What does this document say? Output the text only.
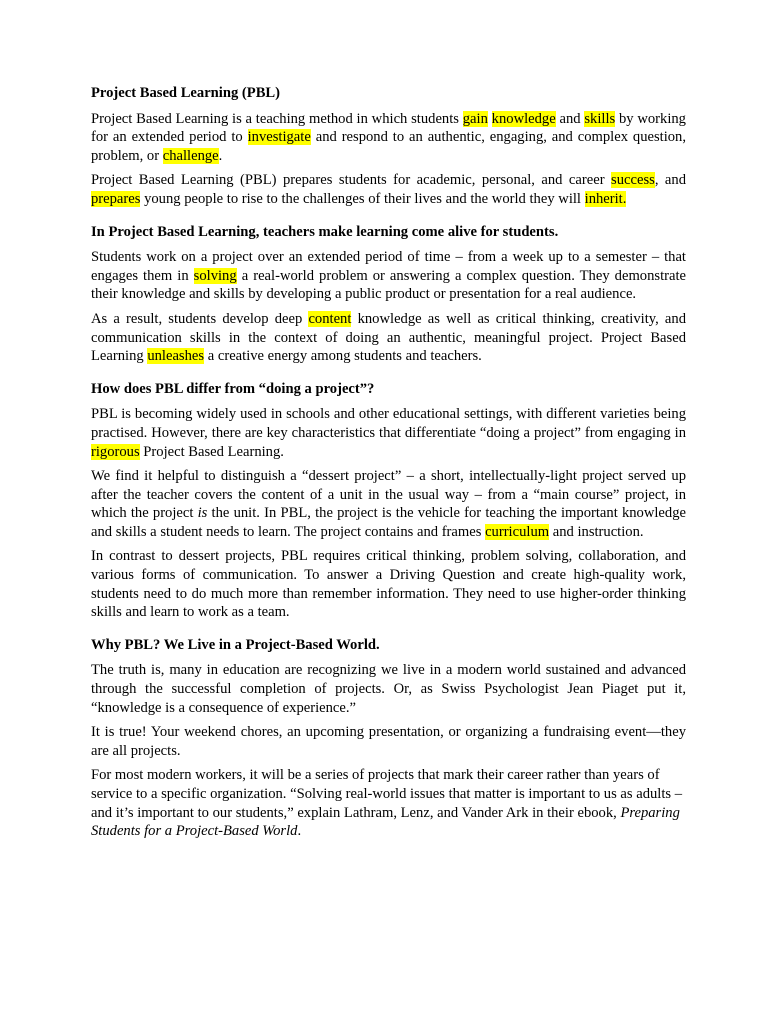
Project Based Learning (PBL)

Project Based Learning is a teaching method in which students gain knowledge and skills by working for an extended period to investigate and respond to an authentic, engaging, and complex question, problem, or challenge.

Project Based Learning (PBL) prepares students for academic, personal, and career success, and prepares young people to rise to the challenges of their lives and the world they will inherit.

In Project Based Learning, teachers make learning come alive for students.

Students work on a project over an extended period of time – from a week up to a semester – that engages them in solving a real-world problem or answering a complex question. They demonstrate their knowledge and skills by developing a public product or presentation for a real audience.

As a result, students develop deep content knowledge as well as critical thinking, creativity, and communication skills in the context of doing an authentic, meaningful project. Project Based Learning unleashes a creative energy among students and teachers.

How does PBL differ from “doing a project”?

PBL is becoming widely used in schools and other educational settings, with different varieties being practised. However, there are key characteristics that differentiate “doing a project” from engaging in rigorous Project Based Learning.

We find it helpful to distinguish a “dessert project” – a short, intellectually-light project served up after the teacher covers the content of a unit in the usual way – from a “main course” project, in which the project is the unit. In PBL, the project is the vehicle for teaching the important knowledge and skills a student needs to learn. The project contains and frames curriculum and instruction.

In contrast to dessert projects, PBL requires critical thinking, problem solving, collaboration, and various forms of communication. To answer a Driving Question and create high-quality work, students need to do much more than remember information. They need to use higher-order thinking skills and learn to work as a team.

Why PBL? We Live in a Project-Based World.

The truth is, many in education are recognizing we live in a modern world sustained and advanced through the successful completion of projects. Or, as Swiss Psychologist Jean Piaget put it, “knowledge is a consequence of experience.”

It is true! Your weekend chores, an upcoming presentation, or organizing a fundraising event—they are all projects.

For most modern workers, it will be a series of projects that mark their career rather than years of service to a specific organization. “Solving real-world issues that matter is important to us as adults – and it’s important to our students,” explain Lathram, Lenz, and Vander Ark in their ebook, Preparing Students for a Project-Based World.
